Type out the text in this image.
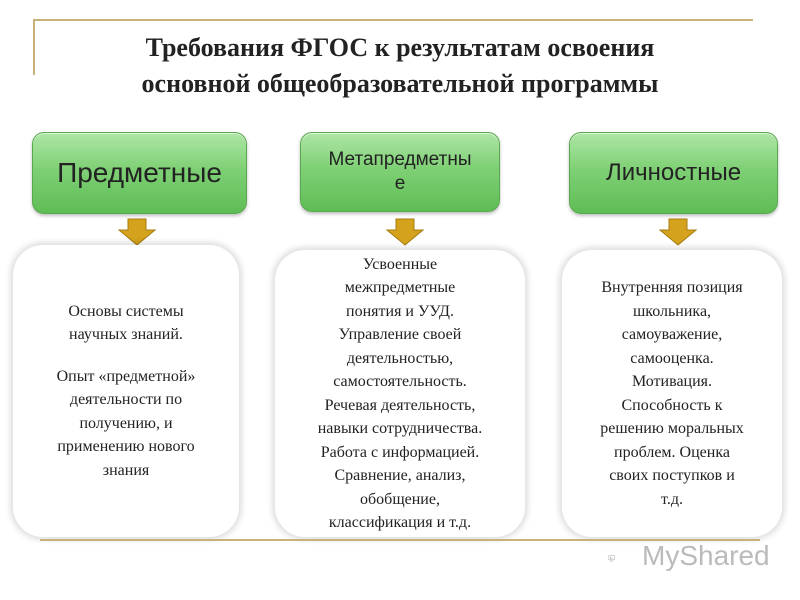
Требования ФГОС к результатам освоения
основной общеобразовательной программы
Предметные	Метапредметны
е	Личностные
Основы системы
научных знаний.
Опыт «предметной»
деятельности по
получению, и
применению нового
знания
Усвоенные
межпредметные
понятия и УУД.
Управление своей
деятельностью,
самостоятельность.
Речевая деятельность,
навыки сотрудничества.
Работа с информацией.
Сравнение, анализ,
обобщение,
классификация и т.д.
Внутренняя позиция
школьника,
самоуважение,
самооценка.
Мотивация.
Способность к
решению моральных
проблем. Оценка
своих поступков и
т.д.
MyShared
